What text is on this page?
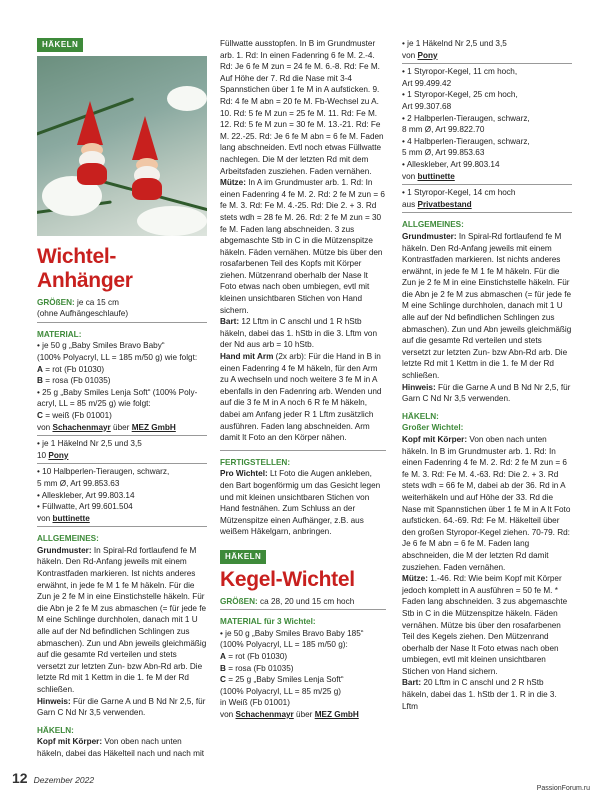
HÄKELN
Wichtel-Anhänger

GRÖßEN: je ca 15 cm

(ohne Aufhängeschlaufe)

MATERIAL:

• je 50 g „Baby Smiles Bravo Baby“

(100% Polyacryl, LL = 185 m/50 g) wie folgt:

A = rot (Fb 01030)

B = rosa (Fb 01035)

• 25 g „Baby Smiles Lenja Soft“ (100% Poly-

acryl, LL = 85 m/25 g) wie folgt:

C = weiß (Fb 01001)

von Schachenmayr über MEZ GmbH

• je 1 Häkelnd Nr 2,5 und 3,5

10 Pony

• 10 Halbperlen-Tieraugen, schwarz,

5 mm Ø, Art 99.853.63

• Alleskleber, Art 99.803.14

• Füllwatte, Art 99.601.504

von buttinette

ALLGEMEINES:

Grundmuster: In Spiral-Rd fortlaufend fe M häkeln. Den Rd-Anfang jeweils mit einem Kontrastfaden markieren. Ist nichts anderes erwähnt, in jede fe M 1 fe M häkeln. Für die Zun je 2 fe M in eine Einstichstelle häkeln. Für die Abn je 2 fe M zus abmaschen (= für jede fe M eine Schlinge durchholen, danach mit 1 U alle auf der Nd befindlichen Schlingen zus abmaschen). Zun und Abn jeweils gleichmäßig auf die gesamte Rd verteilen und stets versetzt zur letzten Zun- bzw Abn-Rd arb. Die letzte Rd mit 1 Kettm in die 1. fe M der Rd schließen.

Hinweis: Für die Garne A und B Nd Nr 2,5, für Garn C Nd Nr 3,5 verwenden.

HÄKELN:

Kopf mit Körper: Von oben nach unten häkeln, dabei das Häkelteil nach und nach mit

Füllwatte ausstopfen. In B im Grundmuster arb. 1. Rd: In einen Fadenring 6 fe M. 2.-4. Rd: Je 6 fe M zun = 24 fe M. 6.-8. Rd: Fe M. Auf Höhe der 7. Rd die Nase mit 3-4 Spannstichen über 1 fe M in A aufsticken. 9. Rd: 4 fe M abn = 20 fe M. Fb-Wechsel zu A. 10. Rd: 5 fe M zun = 25 fe M. 11. Rd: Fe M. 12. Rd: 5 fe M zun = 30 fe M. 13.-21. Rd: Fe M. 22.-25. Rd: Je 6 fe M abn = 6 fe M. Faden lang abschneiden. Evtl noch etwas Füllwatte nachlegen. Die M der letzten Rd mit dem Arbeitsfaden zusziehen. Faden vernähen.

Mütze: In A im Grundmuster arb. 1. Rd: In einen Fadenring 4 fe M. 2. Rd: 2 fe M zun = 6 fe M. 3. Rd: Fe M. 4.-25. Rd: Die 2. + 3. Rd stets wdh = 28 fe M. 26. Rd: 2 fe M zun = 30 fe M. Faden lang abschneiden. 3 zus abgemaschte Stb in C in die Mützenspitze häkeln. Fäden vernähen. Mütze bis über den rosafarbenen Teil des Kopfs mit Körper ziehen. Mützenrand oberhalb der Nase lt Foto etwas nach oben umbiegen, evtl mit kleinen unsichtbaren Stichen von Hand sichern.

Bart: 12 Lftm in C anschl und 1 R hStb häkeln, dabei das 1. hStb in die 3. Lftm von der Nd aus arb = 10 hStb.

Hand mit Arm (2x arb): Für die Hand in B in einen Fadenring 4 fe M häkeln, für den Arm zu A wechseln und noch weitere 3 fe M in A ebenfalls in den Fadenring arb. Wenden und auf die 3 fe M in A noch 6 R fe M häkeln, dabei am Anfang jeder R 1 Lftm zusätzlich ausführen. Faden lang abschneiden. Arm damit lt Foto an den Körper nähen.

FERTIGSTELLEN:

Pro Wichtel: Lt Foto die Augen ankleben, den Bart bogenförmig um das Gesicht legen und mit kleinen unsichtbaren Stichen von Hand festnähen. Zum Schluss an der Mützenspitze einen Aufhänger, z.B. aus weißem Häkelgarn, anbringen.

HÄKELN
Kegel-Wichtel

GRÖßEN: ca 28, 20 und 15 cm hoch

MATERIAL für 3 Wichtel:

• je 50 g „Baby Smiles Bravo Baby 185“

(100% Polyacryl, LL = 185 m/50 g):

A = rot (Fb 01030)

B = rosa (Fb 01035)

C = 25 g „Baby Smiles Lenja Soft“

(100% Polyacryl, LL = 85 m/25 g)

in Weiß (Fb 01001)

von Schachenmayr über MEZ GmbH

• je 1 Häkelnd Nr 2,5 und 3,5

von Pony

• 1 Styropor-Kegel, 11 cm hoch,

Art 99.499.42

• 1 Styropor-Kegel, 25 cm hoch,

Art 99.307.68

• 2 Halbperlen-Tieraugen, schwarz,

8 mm Ø, Art 99.822.70

• 4 Halbperlen-Tieraugen, schwarz,

5 mm Ø, Art 99.853.63

• Alleskleber, Art 99.803.14

von buttinette

• 1 Styropor-Kegel, 14 cm hoch

aus Privatbestand

ALLGEMEINES:

Grundmuster: In Spiral-Rd fortlaufend fe M häkeln. Den Rd-Anfang jeweils mit einem Kontrastfaden markieren. Ist nichts anderes erwähnt, in jede fe M 1 fe M häkeln. Für die Zun je 2 fe M in eine Einstichstelle häkeln. Für die Abn je 2 fe M zus abmaschen (= für jede fe M eine Schlinge durchholen, danach mit 1 U alle auf der Nd befindlichen Schlingen zus abmaschen). Zun und Abn jeweils gleichmäßig auf die gesamte Rd verteilen und stets versetzt zur letzten Zun- bzw Abn-Rd arb. Die letzte Rd mit 1 Kettm in die 1. fe M der Rd schließen.

Hinweis: Für die Garne A und B Nd Nr 2,5, für Garn C Nd Nr 3,5 verwenden.

HÄKELN:

Großer Wichtel:

Kopf mit Körper: Von oben nach unten häkeln. In B im Grundmuster arb. 1. Rd: In einen Fadenring 4 fe M. 2. Rd: 2 fe M zun = 6 fe M. 3. Rd: Fe M. 4.-63. Rd: Die 2. + 3. Rd stets wdh = 66 fe M, dabei ab der 36. Rd in A weiterhäkeln und auf Höhe der 33. Rd die Nase mit Spannstichen über 1 fe M in A lt Foto aufsticken. 64.-69. Rd: Fe M. Häkelteil über den großen Styropor-Kegel ziehen. 70-79. Rd: Je 6 fe M abn = 6 fe M. Faden lang abschneiden, die M der letzten Rd damit zusziehen. Faden vernähen.

Mütze: 1.-46. Rd: Wie beim Kopf mit Körper jedoch komplett in A ausführen = 50 fe M. * Faden lang abschneiden. 3 zus abgemaschte Stb in C in die Mützenspitze häkeln. Fäden vernähen. Mütze bis über den rosafarbenen Teil des Kegels ziehen. Den Mützenrand oberhalb der Nase lt Foto etwas nach oben umbiegen, evtl mit kleinen unsichtbaren Stichen von Hand sichern.

Bart: 20 Lftm in C anschl und 2 R hStb häkeln, dabei das 1. hStb der 1. R in die 3. Lftm

12 Dezember 2022
PassionForum.ru
